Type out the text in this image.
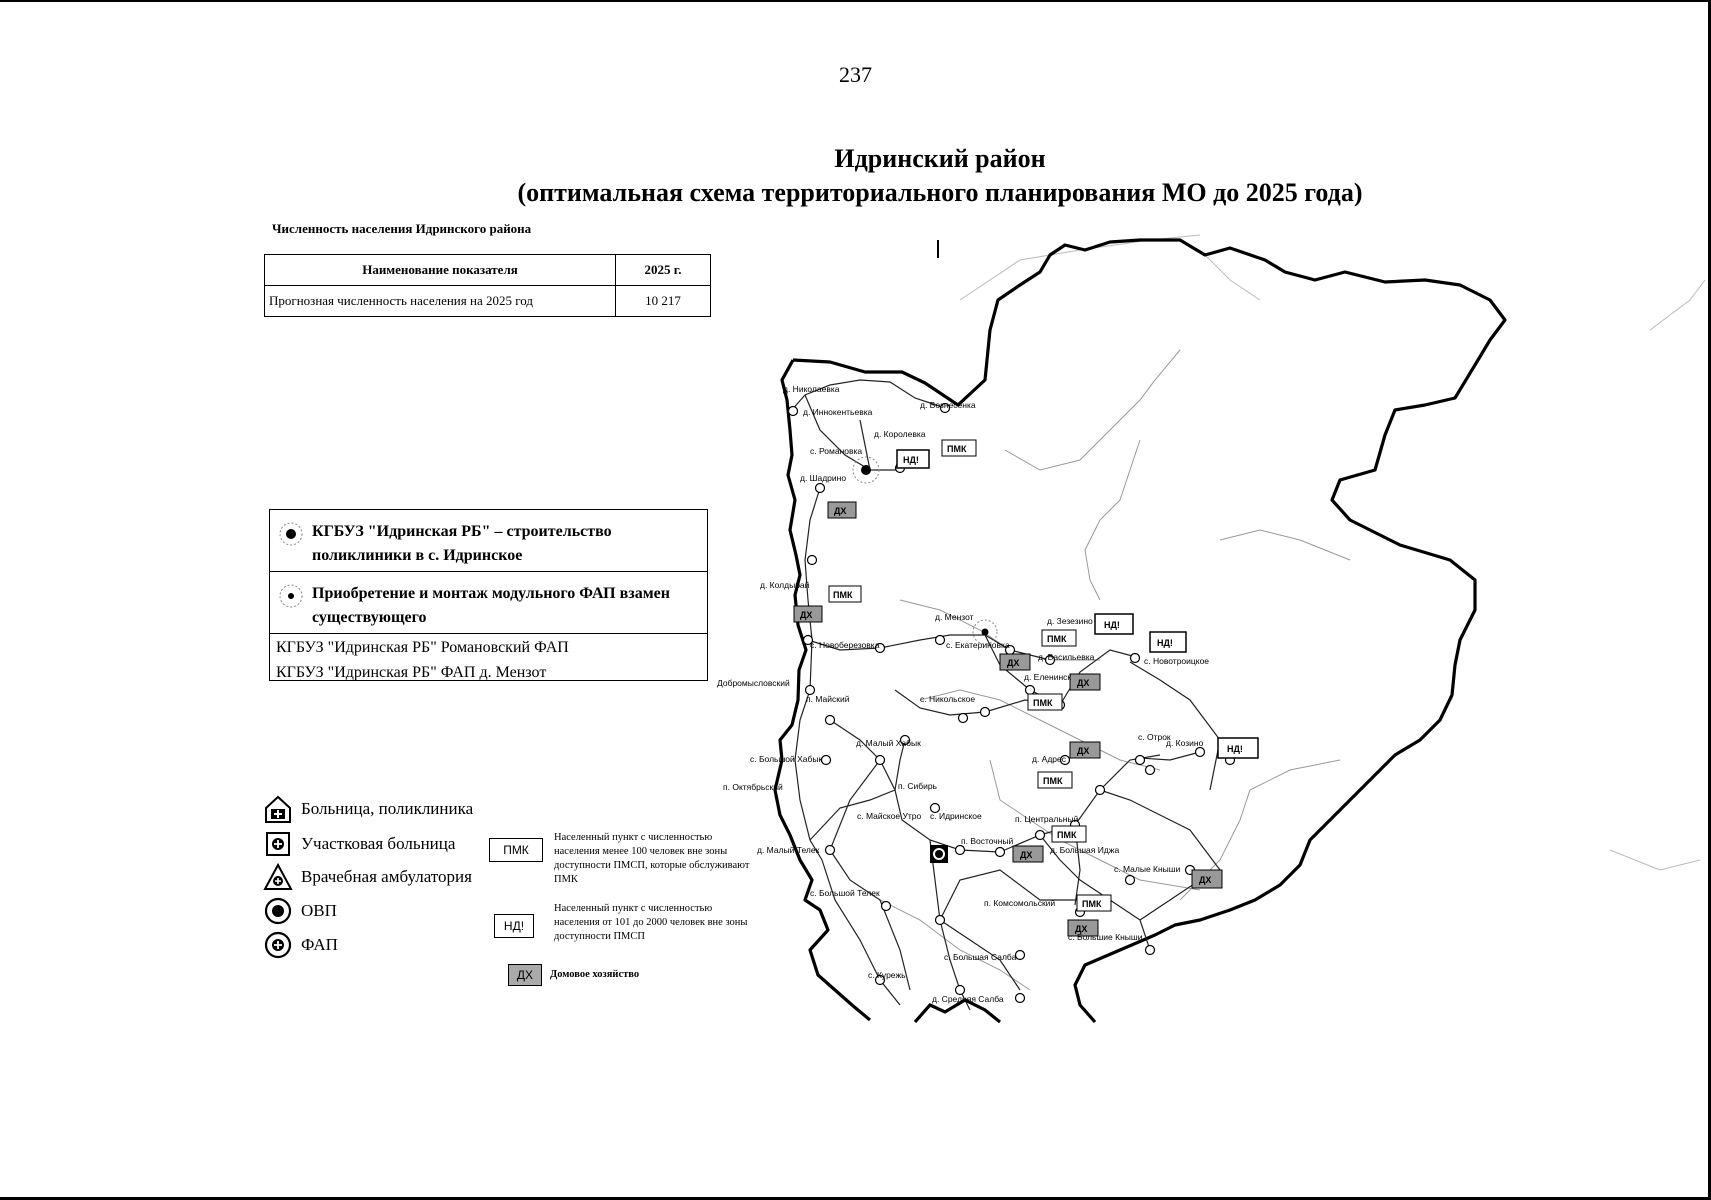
237
Идринский район
(оптимальная схема территориального планирования МО до 2025 года)
Численность населения Идринского района
Наименование показателя	2025 г.
Прогнозная численность населения на 2025 год	10 217
КГБУЗ "Идринская РБ" – строительство поликлиники в с. Идринское
Приобретение и монтаж модульного ФАП взамен существующего
КГБУЗ "Идринская РБ" Романовский ФАП
КГБУЗ "Идринская РБ" ФАП д. Мензот
Больница, поликлиника
Участковая больница
Врачебная амбулатория
ОВП
ФАП
ПМК
Населенный пункт с численностью населения менее 100 человек вне зоны доступности ПМСП, которые обслуживают ПМК
НД!
Населенный пункт с численностью населения от 101 до 2000 человек вне зоны доступности ПМСП
ДХ	Домовое хозяйство
ПМК
НД!
ДХ
ПМК
ДХ
НД!
ПМК	НД!
ДХ
ДХ
ПМК
НД!
ДХ
ПМК
ПМК
ДХ
ДХ
ПМК
ДХ
д. Николаевка
д. Иннокентьевка
д. Вознесенка
д. Королевка
с. Романовка
д. Шадрино
д. Колдыбай
с. Новоберезовка
д. Мензот
с. Екатериновка
д. Зезезино
д. Васильевка	с. Новотроицкое
д. Еленинск
Добромысловский
п. Майский	с. Никольское
д. Малый Хабык
с. Большой Хабык
п. Октябрьский	п. Сибирь
с. Майское Утро с. Идринское	п. Центральный
п. Восточный
д. Большая Иджа
с. Отрок
д. Козино
д. Адрес
д. Малый Телек
с. Большой Телек
с. Малые Кныши
п. Комсомольский
с. Большие Кныши
с. Большая Салба
с. Курежь
д. Средняя Салба
